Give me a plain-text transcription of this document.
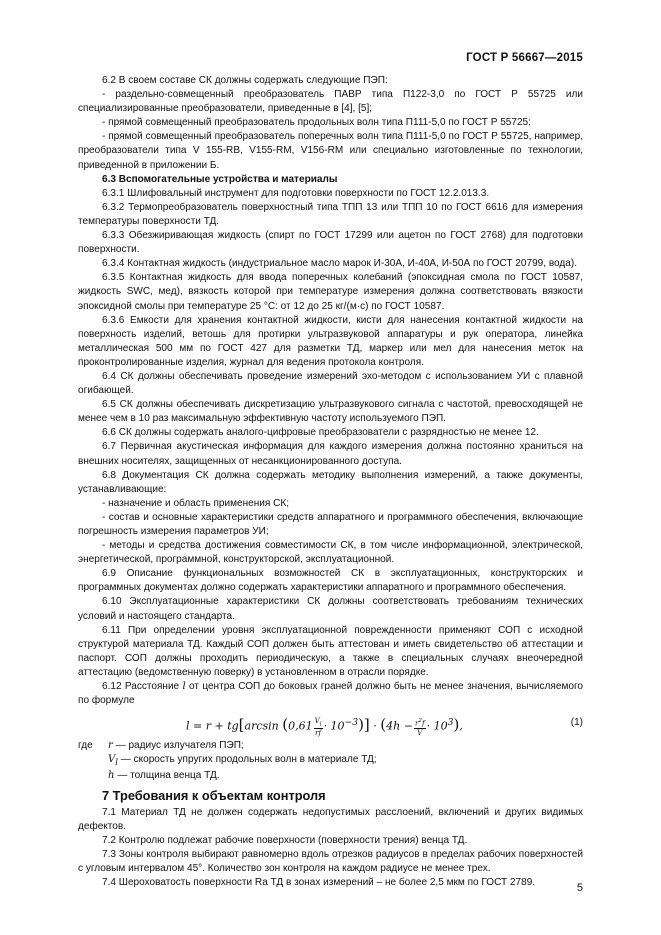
ГОСТ Р 56667—2015

6.2 В своем составе СК должны содержать следующие ПЭП:

- раздельно-совмещенный преобразователь ПАВР типа П122-3,0 по ГОСТ Р 55725 или специализированные преобразователи, приведенные в [4], [5];

- прямой совмещенный преобразователь продольных волн типа П111-5,0 по ГОСТ Р 55725;

- прямой совмещенный преобразователь поперечных волн типа П111-5,0 по ГОСТ Р 55725, например, преобразователи типа V 155-RB, V155-RM, V156-RM или специально изготовленные по технологии, приведенной в приложении Б.

6.3 Вспомогательные устройства и материалы

6.3.1 Шлифовальный инструмент для подготовки поверхности по ГОСТ 12.2.013.3.

6.3.2 Термопреобразователь поверхностный типа ТПП 13 или ТПП 10 по ГОСТ 6616 для измерения температуры поверхности ТД.

6.3.3 Обезжиривающая жидкость (спирт по ГОСТ 17299 или ацетон по ГОСТ 2768) для подготовки поверхности.

6.3.4 Контактная жидкость (индустриальное масло марок И-30А, И-40А, И-50А по ГОСТ 20799, вода).

6.3.5 Контактная жидкость для ввода поперечных колебаний (эпоксидная смола по ГОСТ 10587, жидкость SWC, мед), вязкость которой при температуре измерения должна соответствовать вязкости эпоксидной смолы при температуре 25 °С: от 12 до 25 кг/(м·с) по ГОСТ 10587.

6.3.6 Емкости для хранения контактной жидкости, кисти для нанесения контактной жидкости на поверхность изделий, ветошь для протирки ультразвуковой аппаратуры и рук оператора, линейка металлическая 500 мм по ГОСТ 427 для разметки ТД, маркер или мел для нанесения меток на проконтролированные изделия, журнал для ведения протокола контроля.

6.4 СК должны обеспечивать проведение измерений эхо-методом с использованием УИ с плавной огибающей.

6.5 СК должны обеспечивать дискретизацию ультразвукового сигнала с частотой, превосходящей не менее чем в 10 раз максимальную эффективную частоту используемого ПЭП.

6.6 СК должны содержать аналого-цифровые преобразователи с разрядностью не менее 12.

6.7 Первичная акустическая информация для каждого измерения должна постоянно храниться на внешних носителях, защищенных от несанкционированного доступа.

6.8 Документация СК должна содержать методику выполнения измерений, а также документы, устанавливающие:

- назначение и область применения СК;

- состав и основные характеристики средств аппаратного и программного обеспечения, включающие погрешность измерения параметров УИ;

- методы и средства достижения совместимости СК, в том числе информационной, электрической, энергетической, программной, конструкторской, эксплуатационной.

6.9 Описание функциональных возможностей СК в эксплуатационных, конструкторских и программных документах должно содержать характеристики аппаратного и программного обеспечения.

6.10 Эксплуатационные характеристики СК должны соответствовать требованиям технических условий и настоящего стандарта.

6.11 При определении уровня эксплуатационной поврежденности применяют СОП с исходной структурой материала ТД. Каждый СОП должен быть аттестован и иметь свидетельство об аттестации и паспорт. СОП должны проходить периодическую, а также в специальных случаях внеочередной аттестацию (ведомственную поверку) в установленном в отрасли порядке.

6.12 Расстояние l от центра СОП до боковых граней должно быть не менее значения, вычисляемого по формуле

l = r + tg[arcsin $(0,61 \frac{V_l}{rf} \cdot 10^{-3})] \cdot (4h - \frac{r^2f}{V} \cdot 10^3)$,	(1)
где r — радиус излучателя ПЭП;
$V_l$ — скорость упругих продольных волн в материале ТД;
h — толщина венца ТД.

7 Требования к объектам контроля

7.1 Материал ТД не должен содержать недопустимых расслоений, включений и других видимых дефектов.

7.2 Контролю подлежат рабочие поверхности (поверхности трения) венца ТД.

7.3 Зоны контроля выбирают равномерно вдоль отрезков радиусов в пределах рабочих поверхностей с угловым интервалом 45°. Количество зон контроля на каждом радиусе не менее трех.

7.4 Шероховатость поверхности Ra ТД в зонах измерений – не более 2,5 мкм по ГОСТ 2789.	5
